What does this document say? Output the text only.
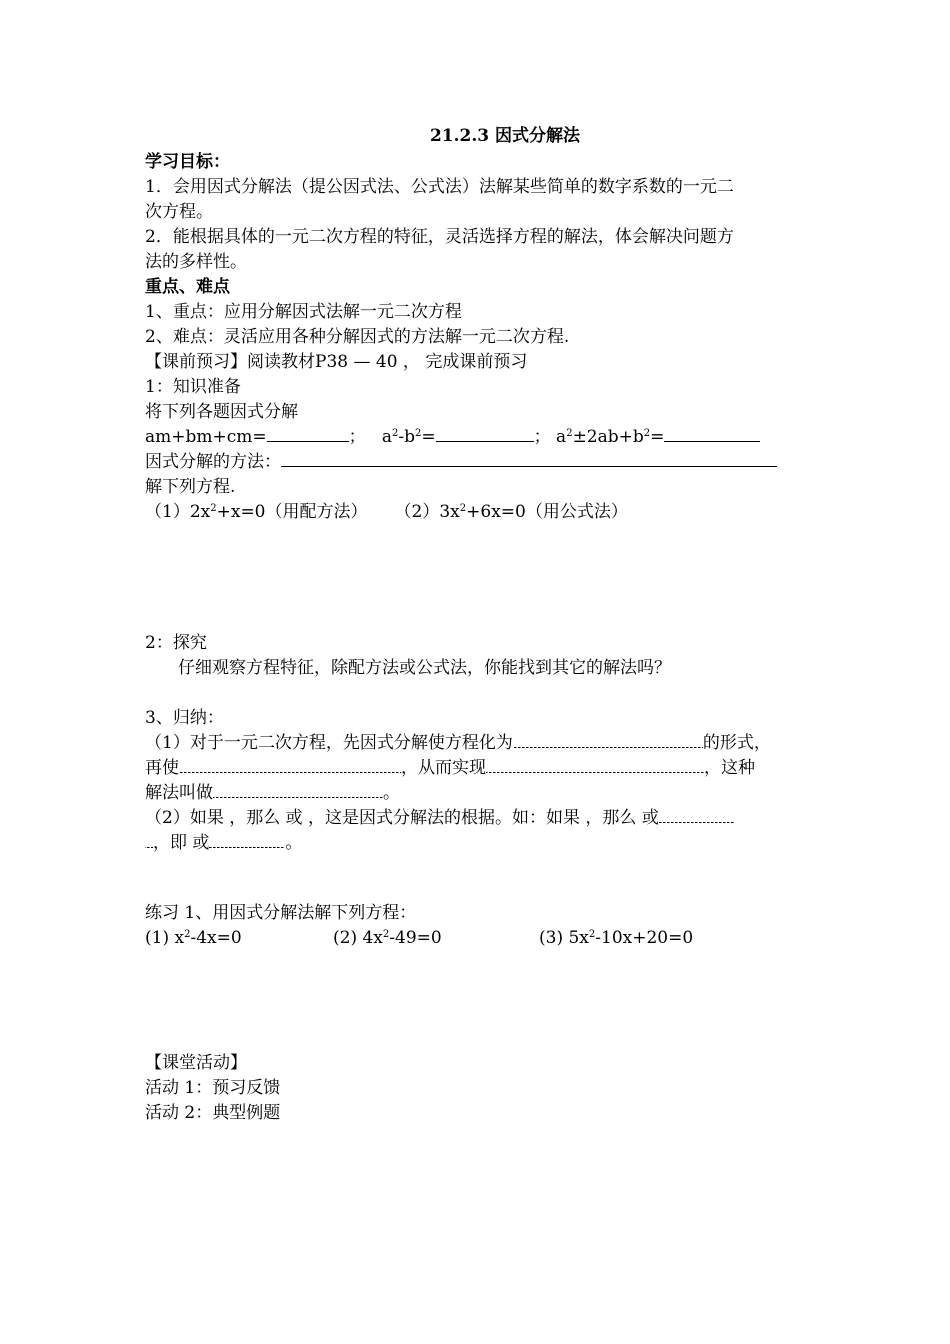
21.2.3 因式分解法
学习目标：
1．会用因式分解法（提公因式法、公式法）法解某些简单的数字系数的一元二
次方程。
2．能根据具体的一元二次方程的特征，灵活选择方程的解法，体会解决问题方
法的多样性。
重点、难点
1、重点：应用分解因式法解一元二次方程
2、难点：灵活应用各种分解因式的方法解一元二次方程.
【课前预习】阅读教材P38 — 40 ， 完成课前预习
1：知识准备
将下列各题因式分解
am+bm+cm=	； $a^2-b^2=$	； $a^2\pm 2ab+b^2=$
因式分解的方法：
解下列方程.
$(1)2x^2+x=0$（用配方法） $(2)3x^2+6x=0$（用公式法）
2：探究
仔细观察方程特征，除配方法或公式法，你能找到其它的解法吗？
3、归纳：
（1）对于一元二次方程，先因式分解使方程化为	的形式，
再使	，从而实现	，这种
解法叫做	。
（2）如果 ，那么 或 ，这是因式分解法的根据。如：如果 ，那么 或
，即 或	。
练习 1、用因式分解法解下列方程：
(1) $x^2-4x=0$	(2) $4x^2-49=0$	(3) $5x^2-10x+20=0$
【课堂活动】
活动 1：预习反馈
活动 2：典型例题
